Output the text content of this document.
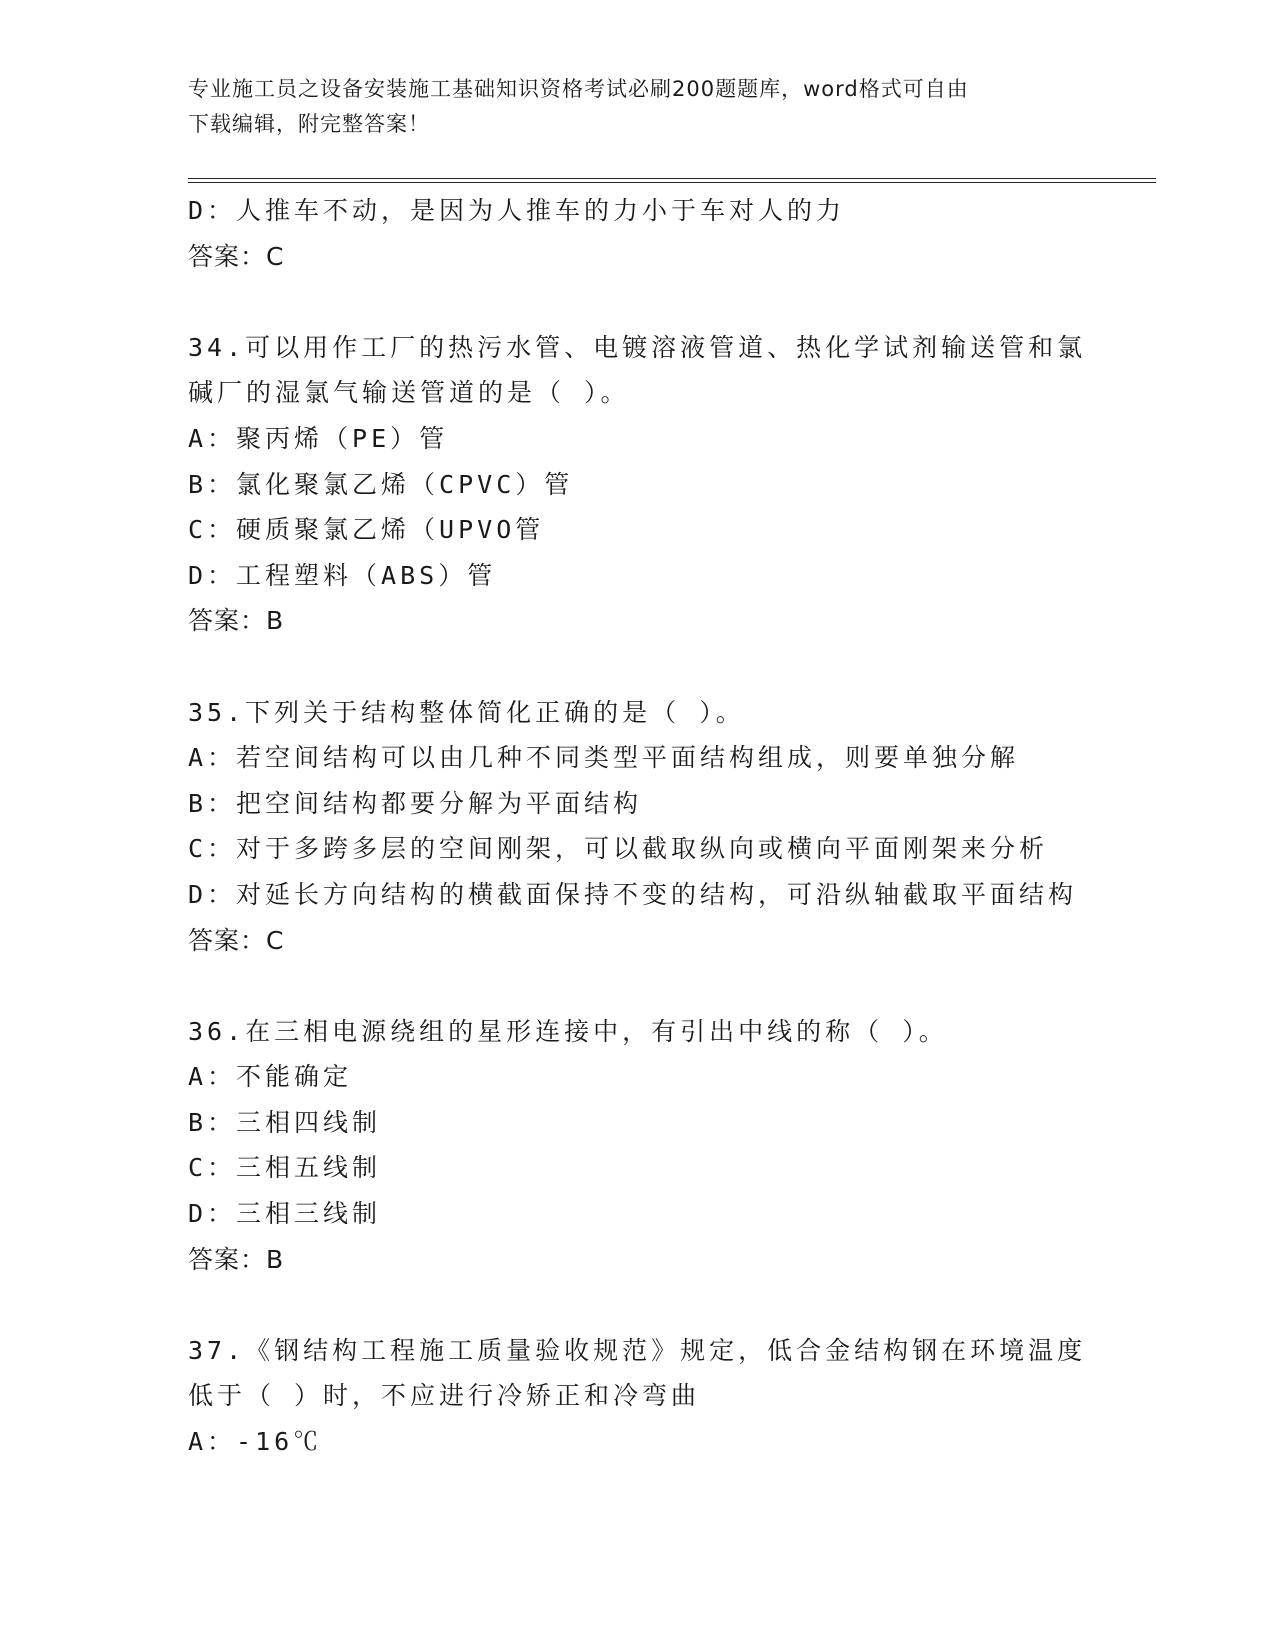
专业施工员之设备安装施工基础知识资格考试必刷200题题库，word格式可自由
下载编辑，附完整答案！
D：人推车不动，是因为人推车的力小于车对人的力
答案：C
34.可以用作工厂的热污水管、电镀溶液管道、热化学试剂输送管和氯
碱厂的湿氯气输送管道的是（ ）。
A：聚丙烯（PE）管
B：氯化聚氯乙烯（CPVC）管
C：硬质聚氯乙烯（UPVO管
D：工程塑料（ABS）管
答案：B
35.下列关于结构整体简化正确的是（ ）。
A：若空间结构可以由几种不同类型平面结构组成，则要单独分解
B：把空间结构都要分解为平面结构
C：对于多跨多层的空间刚架，可以截取纵向或横向平面刚架来分析
D：对延长方向结构的横截面保持不变的结构，可沿纵轴截取平面结构
答案：C
36.在三相电源绕组的星形连接中，有引出中线的称（ ）。
A：不能确定
B：三相四线制
C：三相五线制
D：三相三线制
答案：B
37.《钢结构工程施工质量验收规范》规定，低合金结构钢在环境温度
低于（ ）时，不应进行冷矫正和冷弯曲
A：-16℃
